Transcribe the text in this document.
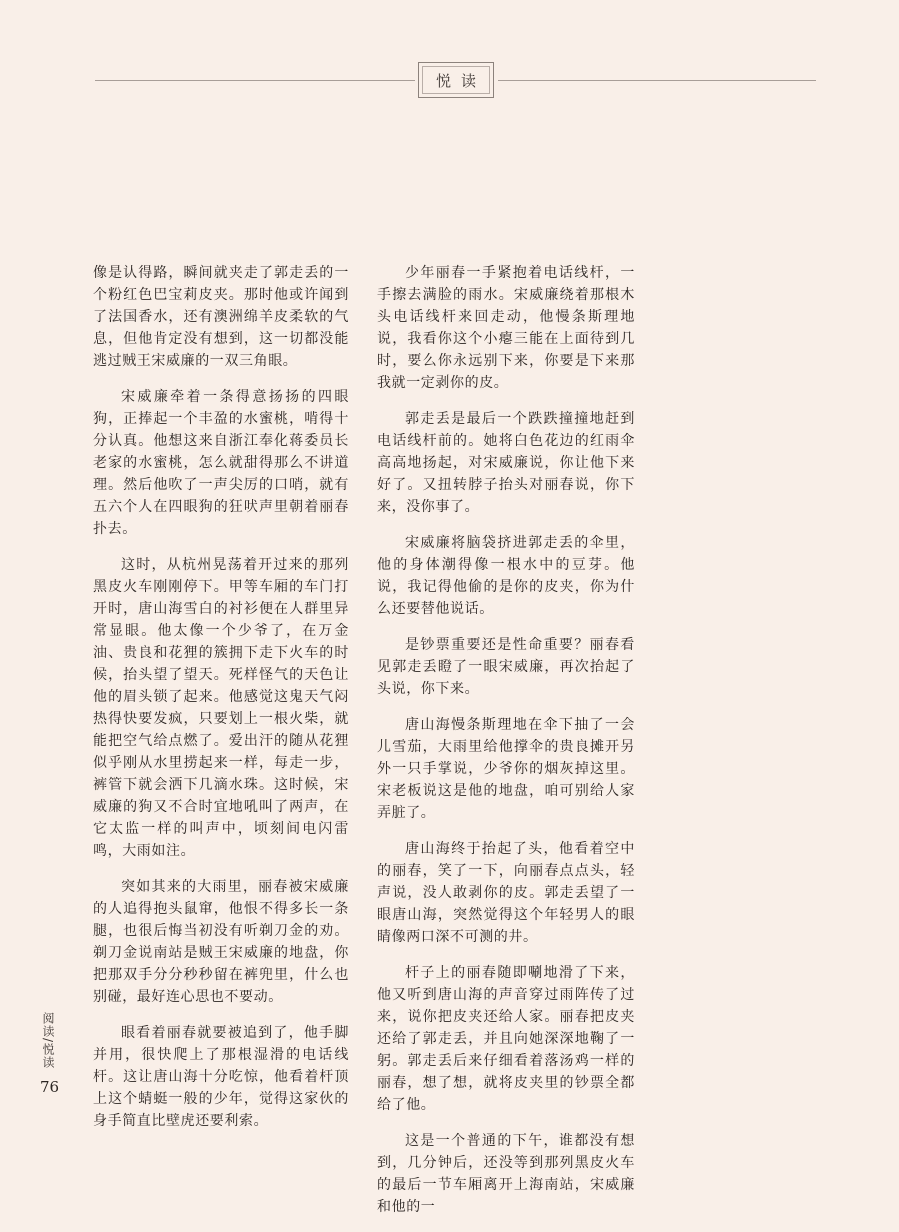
悦读

像是认得路，瞬间就夹走了郭走丢的一个粉红色巴宝莉皮夹。那时他或许闻到了法国香水，还有澳洲绵羊皮柔软的气息，但他肯定没有想到，这一切都没能逃过贼王宋威廉的一双三角眼。

宋威廉牵着一条得意扬扬的四眼狗，正捧起一个丰盈的水蜜桃，啃得十分认真。他想这来自浙江奉化蒋委员长老家的水蜜桃，怎么就甜得那么不讲道理。然后他吹了一声尖厉的口哨，就有五六个人在四眼狗的狂吠声里朝着丽春扑去。

这时，从杭州晃荡着开过来的那列黑皮火车刚刚停下。甲等车厢的车门打开时，唐山海雪白的衬衫便在人群里异常显眼。他太像一个少爷了，在万金油、贵良和花狸的簇拥下走下火车的时候，抬头望了望天。死样怪气的天色让他的眉头锁了起来。他感觉这鬼天气闷热得快要发疯，只要划上一根火柴，就能把空气给点燃了。爱出汗的随从花狸似乎刚从水里捞起来一样，每走一步，裤管下就会洒下几滴水珠。这时候，宋威廉的狗又不合时宜地吼叫了两声，在它太监一样的叫声中，顷刻间电闪雷鸣，大雨如注。

突如其来的大雨里，丽春被宋威廉的人追得抱头鼠窜，他恨不得多长一条腿，也很后悔当初没有听剃刀金的劝。剃刀金说南站是贼王宋威廉的地盘，你把那双手分分秒秒留在裤兜里，什么也别碰，最好连心思也不要动。

眼看着丽春就要被追到了，他手脚并用，很快爬上了那根湿滑的电话线杆。这让唐山海十分吃惊，他看着杆顶上这个蜻蜓一般的少年，觉得这家伙的身手简直比壁虎还要利索。

少年丽春一手紧抱着电话线杆，一手擦去满脸的雨水。宋威廉绕着那根木头电话线杆来回走动，他慢条斯理地说，我看你这个小瘪三能在上面待到几时，要么你永远别下来，你要是下来那我就一定剥你的皮。

郭走丢是最后一个跌跌撞撞地赶到电话线杆前的。她将白色花边的红雨伞高高地扬起，对宋威廉说，你让他下来好了。又扭转脖子抬头对丽春说，你下来，没你事了。

宋威廉将脑袋挤进郭走丢的伞里，他的身体潮得像一根水中的豆芽。他说，我记得他偷的是你的皮夹，你为什么还要替他说话。

是钞票重要还是性命重要？丽春看见郭走丢瞪了一眼宋威廉，再次抬起了头说，你下来。

唐山海慢条斯理地在伞下抽了一会儿雪茄，大雨里给他撑伞的贵良摊开另外一只手掌说，少爷你的烟灰掉这里。宋老板说这是他的地盘，咱可别给人家弄脏了。

唐山海终于抬起了头，他看着空中的丽春，笑了一下，向丽春点点头，轻声说，没人敢剥你的皮。郭走丢望了一眼唐山海，突然觉得这个年轻男人的眼睛像两口深不可测的井。

杆子上的丽春随即唰地滑了下来，他又听到唐山海的声音穿过雨阵传了过来，说你把皮夹还给人家。丽春把皮夹还给了郭走丢，并且向她深深地鞠了一躬。郭走丢后来仔细看着落汤鸡一样的丽春，想了想，就将皮夹里的钞票全都给了他。

这是一个普通的下午，谁都没有想到，几分钟后，还没等到那列黑皮火车的最后一节车厢离开上海南站，宋威廉和他的一

阅读/悦读
76
